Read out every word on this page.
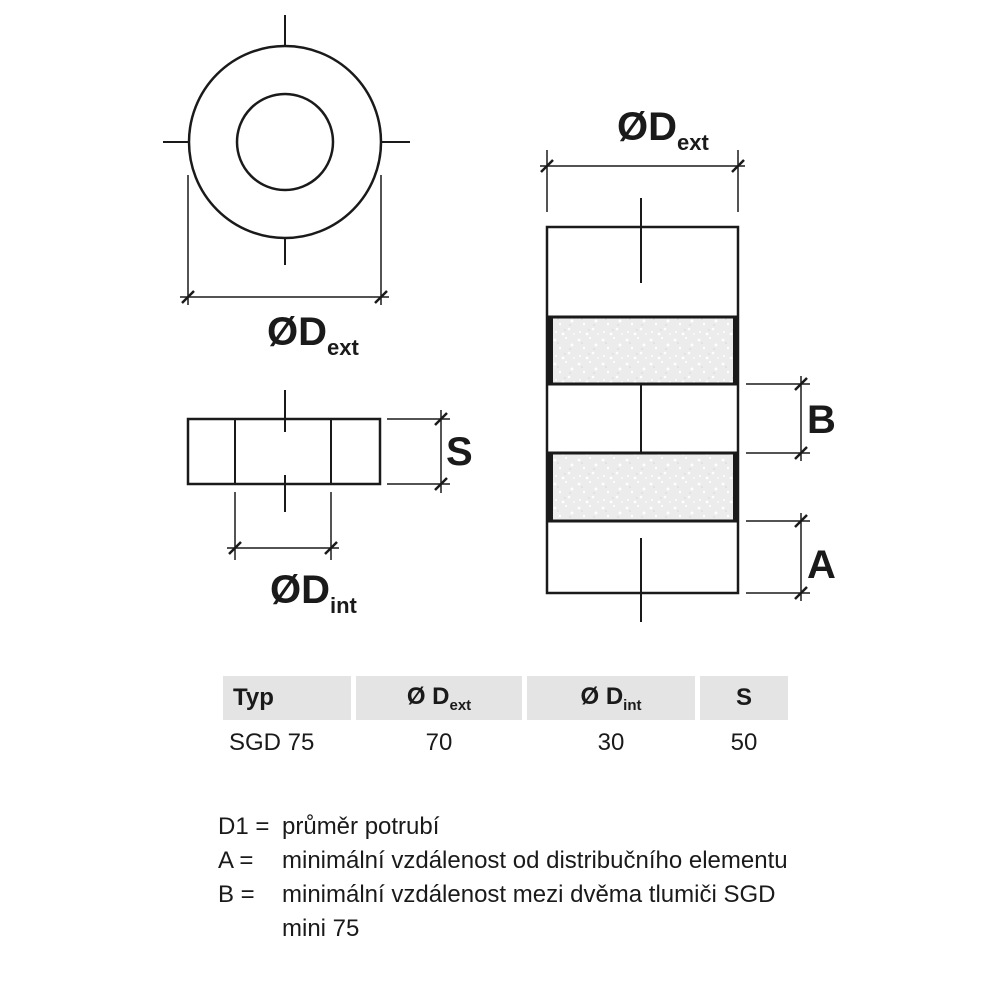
$ØD_{ext}$
S
$ØD_{int}$
$ØD_{ext}$
B
A
Typ	Ø $D_{ext}$	Ø $D_{int}$	S
SGD 75	70	30	50
D1 = průměr potrubí
A =	minimální vzdálenost od distribučního elementu
B =	minimální vzdálenost mezi dvěma tlumiči SGD mini 75
